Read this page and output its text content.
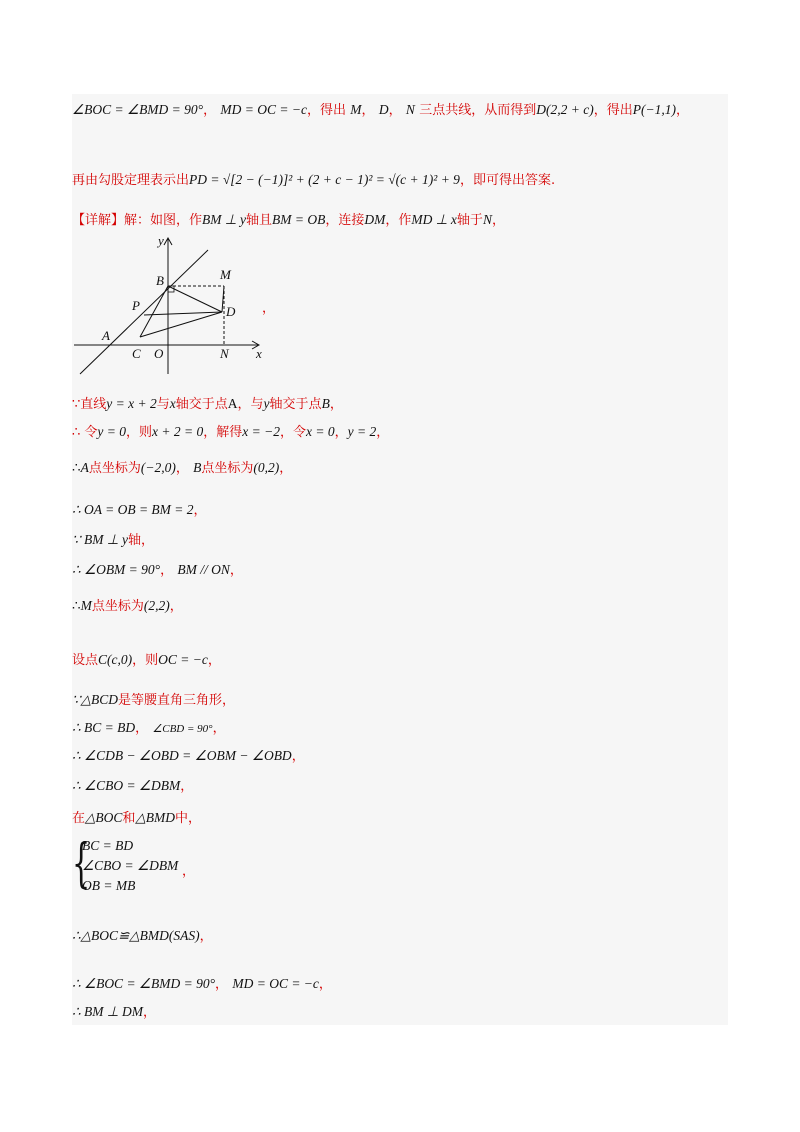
∠BOC = ∠BMD = 90°， MD = OC = −c，得出 M， D， N 三点共线，从而得到D(2,2 + c)，得出P(−1,1)，
再由勾股定理表示出PD = √[2 − (−1)]² + (2 + c − 1)² = √(c + 1)² + 9，即可得出答案.
【详解】解：如图，作BM ⊥ y轴且BM = OB，连接DM，作MD ⊥ x轴于N，
y
x
B	M
P	D
A
C O	N
，
∵直线y = x + 2与x轴交于点A，与y轴交于点B，
∴ 令y = 0，则x + 2 = 0，解得x = −2，令x = 0，y = 2，
∴A点坐标为(−2,0)， B点坐标为(0,2)，
∴ OA = OB = BM = 2，
∵ BM ⊥ y轴，
∴ ∠OBM = 90°， BM // ON，
∴M点坐标为(2,2)，
设点C(c,0)，则OC = −c，
∵△BCD是等腰直角三角形，
∴ BC = BD， ∠CBD = 90°，
∴ ∠CDB − ∠OBD = ∠OBM − ∠OBD，
∴ ∠CBO = ∠DBM，
在△BOC和△BMD中，
{
BC = BD
∠CBO = ∠DBM
OB = MB
，
∴△BOC≌△BMD(SAS)，
∴ ∠BOC = ∠BMD = 90°， MD = OC = −c，
∴ BM ⊥ DM，
